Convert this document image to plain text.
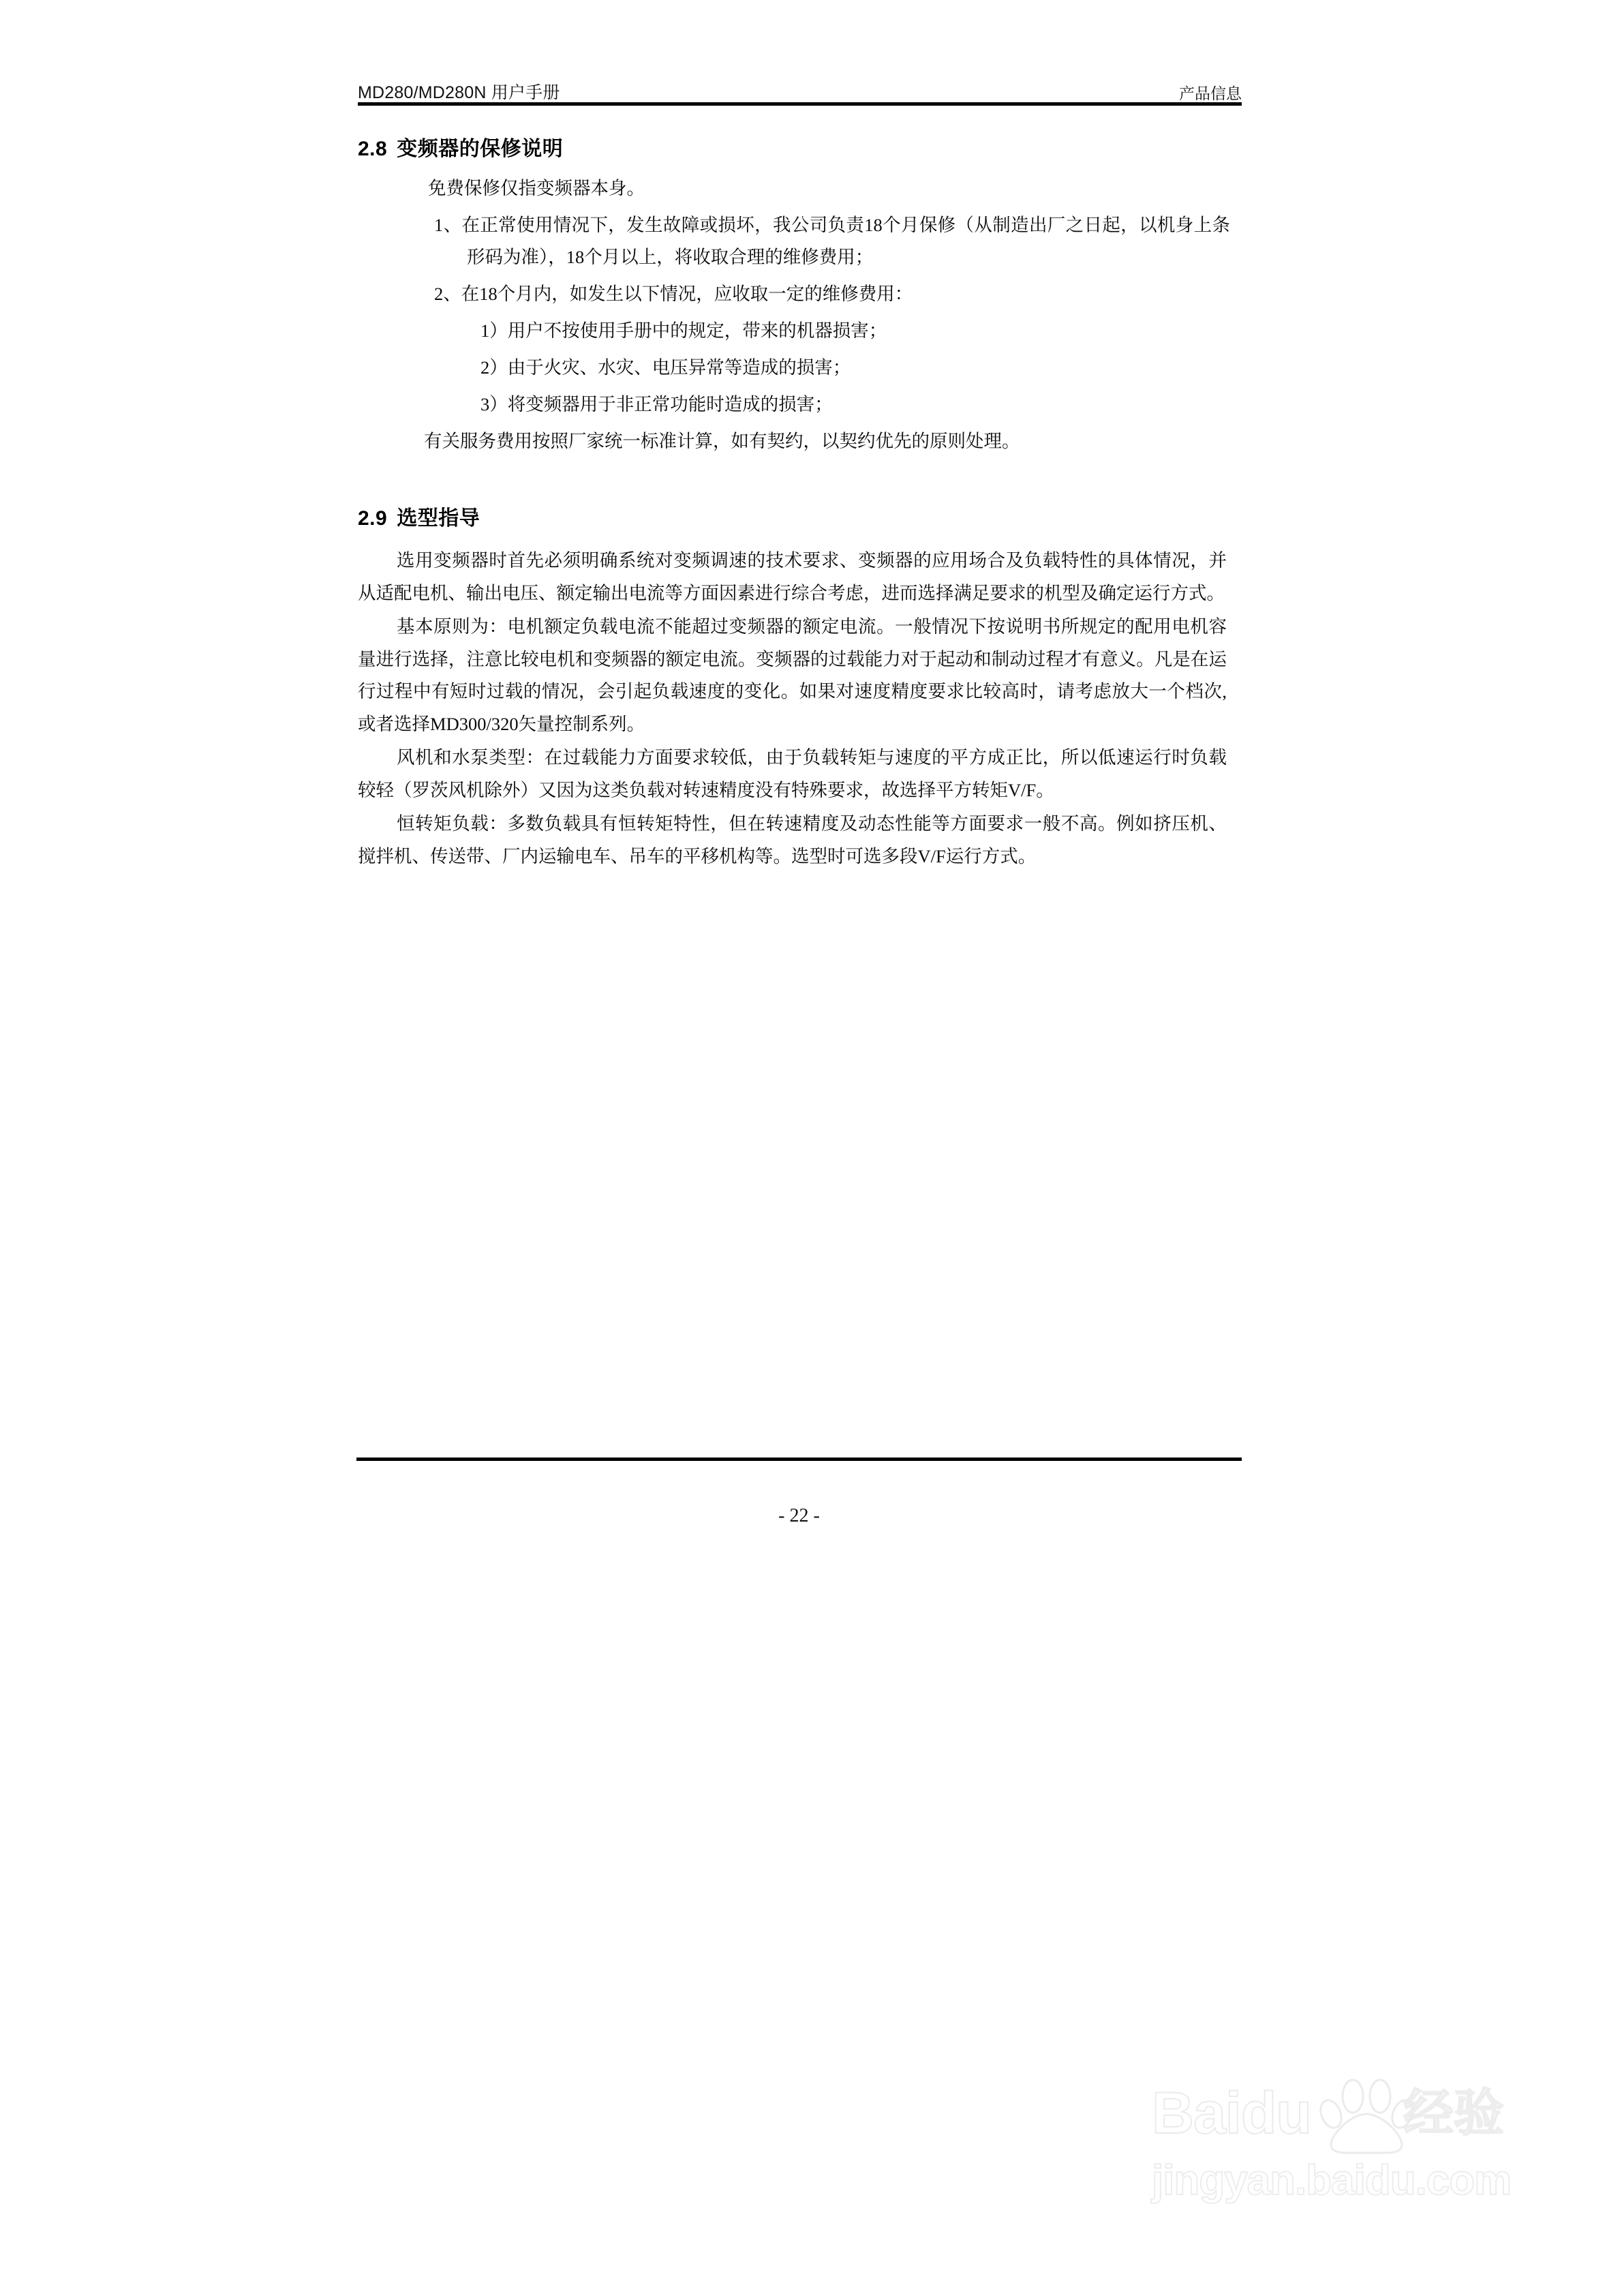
MD280/MD280N 用户手册	产品信息
2.8 变频器的保修说明

免费保修仅指变频器本身。

1、在正常使用情况下，发生故障或损坏，我公司负责18个月保修（从制造出厂之日起，以机身上条形码为准），18个月以上，将收取合理的维修费用；

2、在18个月内，如发生以下情况，应收取一定的维修费用：

1）用户不按使用手册中的规定，带来的机器损害；

2）由于火灾、水灾、电压异常等造成的损害；

3）将变频器用于非正常功能时造成的损害；

有关服务费用按照厂家统一标准计算，如有契约，以契约优先的原则处理。

2.9 选型指导

选用变频器时首先必须明确系统对变频调速的技术要求、变频器的应用场合及负载特性的具体情况，并从适配电机、输出电压、额定输出电流等方面因素进行综合考虑，进而选择满足要求的机型及确定运行方式。

基本原则为：电机额定负载电流不能超过变频器的额定电流。一般情况下按说明书所规定的配用电机容量进行选择，注意比较电机和变频器的额定电流。变频器的过载能力对于起动和制动过程才有意义。凡是在运行过程中有短时过载的情况，会引起负载速度的变化。如果对速度精度要求比较高时，请考虑放大一个档次,或者选择MD300/320矢量控制系列。

风机和水泵类型：在过载能力方面要求较低，由于负载转矩与速度的平方成正比，所以低速运行时负载较轻（罗茨风机除外）又因为这类负载对转速精度没有特殊要求，故选择平方转矩V/F。

恒转矩负载：多数负载具有恒转矩特性，但在转速精度及动态性能等方面要求一般不高。例如挤压机、搅拌机、传送带、厂内运输电车、吊车的平移机构等。选型时可选多段V/F运行方式。

- 22 -
Baidu 经验
jingyan.baidu.com
